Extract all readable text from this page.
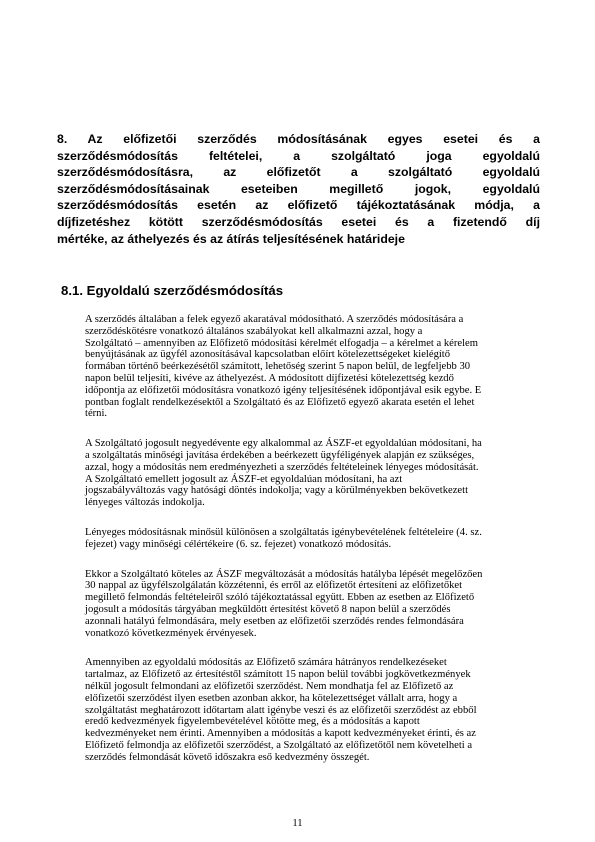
8. Az előfizetői szerződés módosításának egyes esetei és a
szerződésmódosítás feltételei, a szolgáltató joga egyoldalú
szerződésmódosításra, az előfizetőt a szolgáltató egyoldalú
szerződésmódosításainak eseteiben megillető jogok, egyoldalú
szerződésmódosítás esetén az előfizető tájékoztatásának módja, a
díjfizetéshez kötött szerződésmódosítás esetei és a fizetendő díj
mértéke, az áthelyezés és az átírás teljesítésének határideje
8.1. Egyoldalú szerződésmódosítás

A szerződés általában a felek egyező akaratával módosítható. A szerződés módosítására a
szerződéskötésre vonatkozó általános szabályokat kell alkalmazni azzal, hogy a
Szolgáltató – amennyiben az Előfizető módosítási kérelmét elfogadja – a kérelmet a kérelem
benyújtásának az ügyfél azonosításával kapcsolatban előírt kötelezettségeket kielégítő
formában történő beérkezésétől számított, lehetőség szerint 5 napon belül, de legfeljebb 30
napon belül teljesíti, kivéve az áthelyezést. A módosított díjfizetési kötelezettség kezdő
időpontja az előfizetői módosításra vonatkozó igény teljesítésének időpontjával esik egybe. E
pontban foglalt rendelkezésektől a Szolgáltató és az Előfizető egyező akarata esetén el lehet
térni.

A Szolgáltató jogosult negyedévente egy alkalommal az ÁSZF-et egyoldalúan módosítani, ha
a szolgáltatás minőségi javítása érdekében a beérkezett ügyféligények alapján ez szükséges,
azzal, hogy a módosítás nem eredményezheti a szerződés feltételeinek lényeges módosítását.
A Szolgáltató emellett jogosult az ÁSZF-et egyoldalúan módosítani, ha azt
jogszabályváltozás vagy hatósági döntés indokolja; vagy a körülményekben bekövetkezett
lényeges változás indokolja.

Lényeges módosításnak minősül különösen a szolgáltatás igénybevételének feltételeire (4. sz.
fejezet) vagy minőségi célértékeire (6. sz. fejezet) vonatkozó módosítás.

Ekkor a Szolgáltató köteles az ÁSZF megváltozását a módosítás hatályba lépését megelőzően
30 nappal az ügyfélszolgálatán közzétenni, és erről az előfizetőt értesíteni az előfizetőket
megillető felmondás feltételeiről szóló tájékoztatással együtt. Ebben az esetben az Előfizető
jogosult a módosítás tárgyában megküldött értesítést követő 8 napon belül a szerződés
azonnali hatályú felmondására, mely esetben az előfizetői szerződés rendes felmondására
vonatkozó következmények érvényesek.

Amennyiben az egyoldalú módosítás az Előfizető számára hátrányos rendelkezéseket
tartalmaz, az Előfizető az értesítéstől számított 15 napon belül további jogkövetkezmények
nélkül jogosult felmondani az előfizetői szerződést. Nem mondhatja fel az Előfizető az
előfizetői szerződést ilyen esetben azonban akkor, ha kötelezettséget vállalt arra, hogy a
szolgáltatást meghatározott időtartam alatt igénybe veszi és az előfizetői szerződést az ebből
eredő kedvezmények figyelembevételével kötötte meg, és a módosítás a kapott
kedvezményeket nem érinti. Amennyiben a módosítás a kapott kedvezményeket érinti, és az
Előfizető felmondja az előfizetői szerződést, a Szolgáltató az előfizetőtől nem követelheti a
szerződés felmondását követő időszakra eső kedvezmény összegét.

11
